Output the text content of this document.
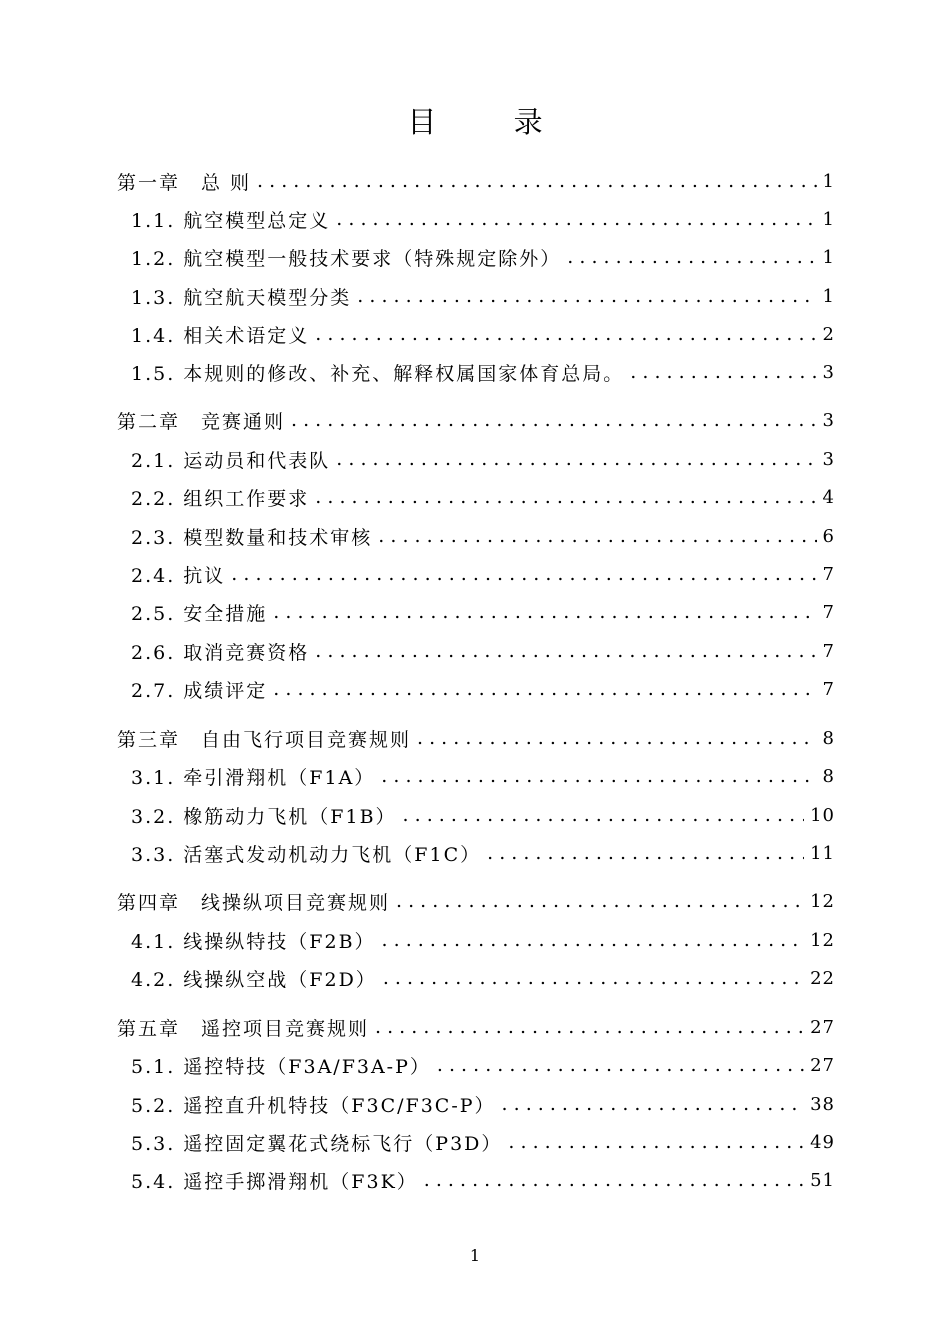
目 录
第一章　总 则 . . .	1
1.1. 航空模型总定义 . . .	1
1.2. 航空模型一般技术要求（特殊规定除外） . . .	1
1.3. 航空航天模型分类 . . .	1
1.4. 相关术语定义 . . .	2
1.5. 本规则的修改、补充、解释权属国家体育总局。 . . .	3
第二章　竞赛通则 . . .	3
2.1. 运动员和代表队 . . .	3
2.2. 组织工作要求 . . .	4
2.3. 模型数量和技术审核 . . .	6
2.4. 抗议 . . .	7
2.5. 安全措施 . . .	7
2.6. 取消竞赛资格 . . .	7
2.7. 成绩评定 . . .	7
第三章　自由飞行项目竞赛规则 . . .	8
3.1. 牵引滑翔机（F1A） . . .	8
3.2. 橡筋动力飞机（F1B） . . .	10
3.3. 活塞式发动机动力飞机（F1C） . . .	11
第四章　线操纵项目竞赛规则 . . .	12
4.1. 线操纵特技（F2B） . . .	12
4.2. 线操纵空战（F2D） . . .	22
第五章　遥控项目竞赛规则 . . .	27
5.1. 遥控特技（F3A/F3A-P） . . .	27
5.2. 遥控直升机特技（F3C/F3C-P） . . .	38
5.3. 遥控固定翼花式绕标飞行（P3D） . . .	49
5.4. 遥控手掷滑翔机（F3K） . . .	51
1
